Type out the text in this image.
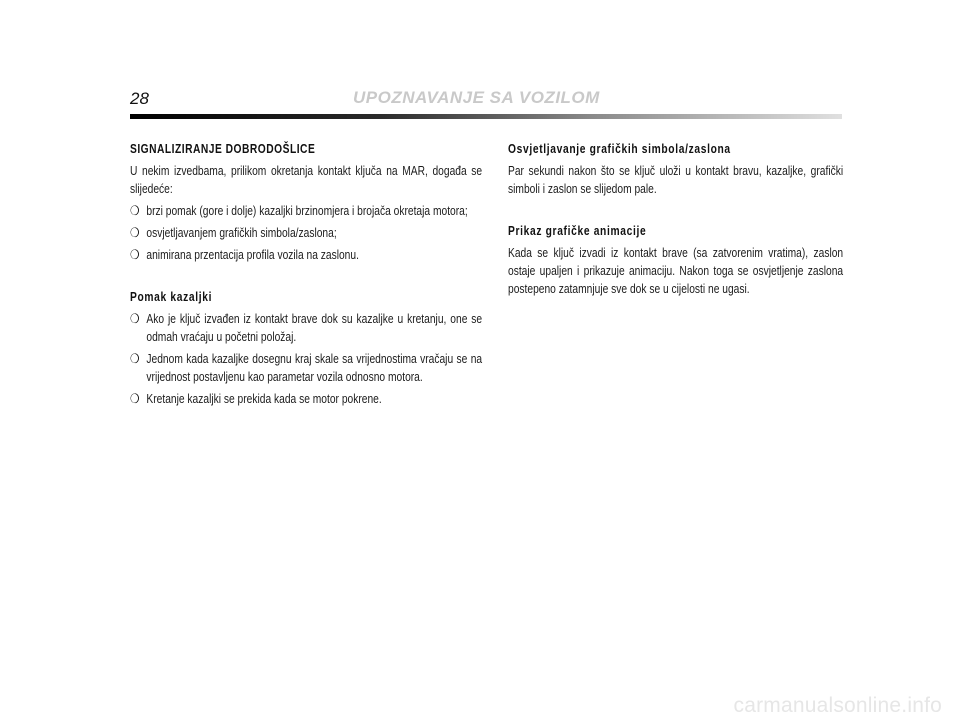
28	UPOZNAVANJE SA VOZILOM
SIGNALIZIRANJE DOBRODOŠLICE

U nekim izvedbama, prilikom okretanja kontakt ključa na MAR, događa se slijedeće:

❍ brzi pomak (gore i dolje) kazaljki brzinomjera i brojača okretaja motora;
❍ osvjetljavanjem grafičkih simbola/zaslona;
❍ animirana przentacija profila vozila na zaslonu.
Pomak kazaljki
❍ Ako je ključ izvađen iz kontakt brave dok su kazaljke u kretanju, one se odmah vraćaju u početni položaj.
❍ Jednom kada kazaljke dosegnu kraj skale sa vrijednostima vračaju se na vrijednost postavljenu kao parametar vozila odnosno motora.
❍ Kretanje kazaljki se prekida kada se motor pokrene.
Osvjetljavanje grafičkih simbola/zaslona

Par sekundi nakon što se ključ uloži u kontakt bravu, kazaljke, grafički simboli i zaslon se slijedom pale.

Prikaz grafičke animacije

Kada se ključ izvadi iz kontakt brave (sa zatvorenim vratima), zaslon ostaje upaljen i prikazuje animaciju. Nakon toga se osvjetljenje zaslona postepeno zatamnjuje sve dok se u cijelosti ne ugasi.

carmanualsonline.info
